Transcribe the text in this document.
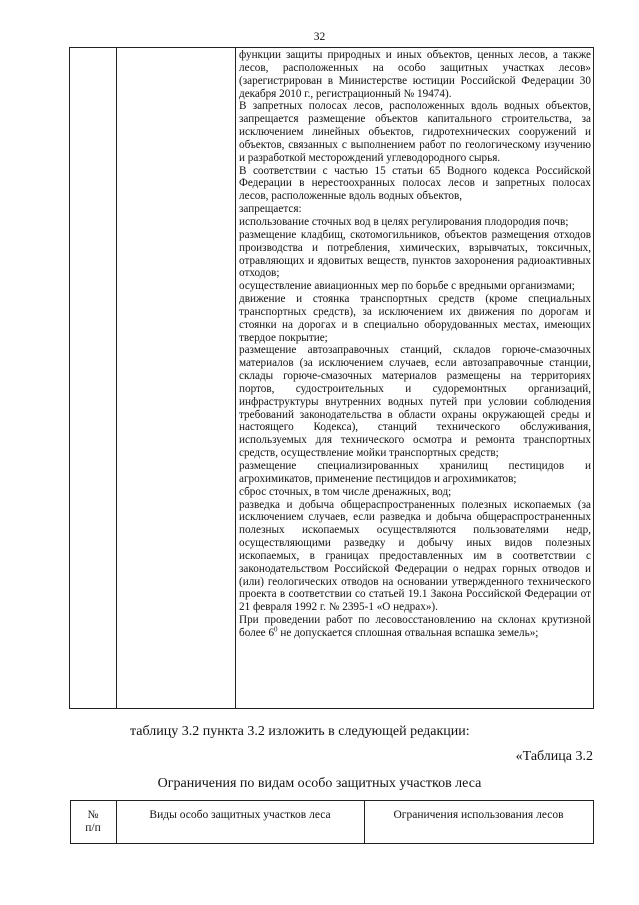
32

функции защиты природных и иных объектов, ценных лесов, а также лесов, расположенных на особо защитных участках лесов» (зарегистрирован в Министерстве юстиции Российской Федерации 30 декабря 2010 г., регистрационный № 19474).

В запретных полосах лесов, расположенных вдоль водных объектов, запрещается размещение объектов капитального строительства, за исключением линейных объектов, гидротехнических сооружений и объектов, связанных с выполнением работ по геологическому изучению и разработкой месторождений углеводородного сырья.

В соответствии с частью 15 статьи 65 Водного кодекса Российской Федерации в нерестоохранных полосах лесов и запретных полосах лесов, расположенные вдоль водных объектов,

запрещается:

использование сточных вод в целях регулирования плодородия почв;

размещение кладбищ, скотомогильников, объектов размещения отходов производства и потребления, химических, взрывчатых, токсичных, отравляющих и ядовитых веществ, пунктов захоронения радиоактивных отходов;

осуществление авиационных мер по борьбе с вредными организмами;

движение и стоянка транспортных средств (кроме специальных транспортных средств), за исключением их движения по дорогам и стоянки на дорогах и в специально оборудованных местах, имеющих твердое покрытие;

размещение автозаправочных станций, складов горюче-смазочных материалов (за исключением случаев, если автозаправочные станции, склады горюче-смазочных материалов размещены на территориях портов, судостроительных и судоремонтных организаций, инфраструктуры внутренних водных путей при условии соблюдения требований законодательства в области охраны окружающей среды и настоящего Кодекса), станций технического обслуживания, используемых для технического осмотра и ремонта транспортных средств, осуществление мойки транспортных средств;

размещение специализированных хранилищ пестицидов и агрохимикатов, применение пестицидов и агрохимикатов;

сброс сточных, в том числе дренажных, вод;

разведка и добыча общераспространенных полезных ископаемых (за исключением случаев, если разведка и добыча общераспространенных полезных ископаемых осуществляются пользователями недр, осуществляющими разведку и добычу иных видов полезных ископаемых, в границах предоставленных им в соответствии с законодательством Российской Федерации о недрах горных отводов и (или) геологических отводов на основании утвержденного технического проекта в соответствии со статьей 19.1 Закона Российской Федерации от 21 февраля 1992 г. № 2395-1 «О недрах»).

При проведении работ по лесовосстановлению на склонах крутизной более $6^0$ не допускается сплошная отвальная вспашка земель»;

таблицу 3.2 пункта 3.2 изложить в следующей редакции:
«Таблица 3.2
Ограничения по видам особо защитных участков леса
№
п/п
Виды особо защитных участков леса	Ограничения использования лесов
